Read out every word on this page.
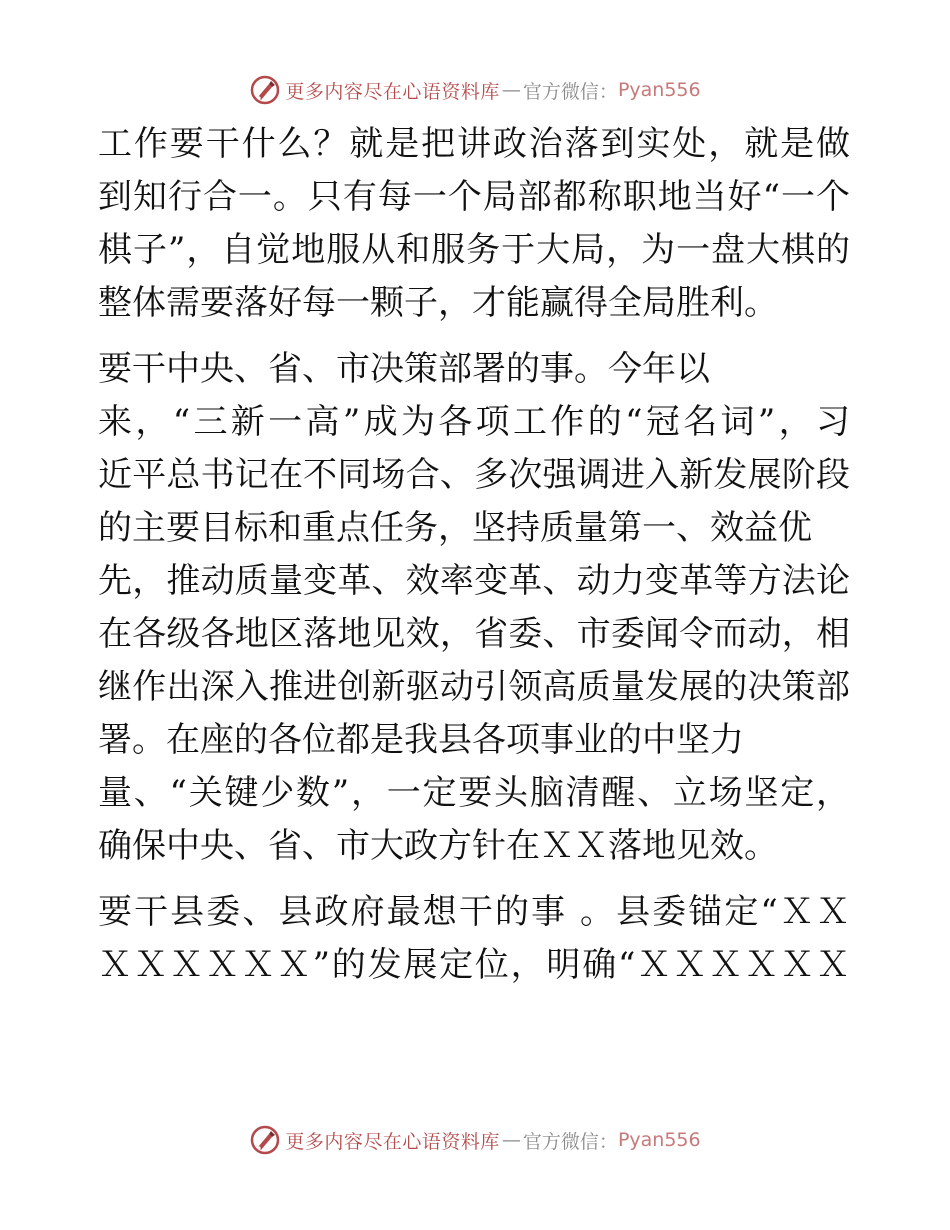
更多内容尽在心语资料库 — 官方微信： Pyan556
工作要干什么？就是把讲政治落到实处，就是做
到知行合一。只有每一个局部都称职地当好“一个
棋子”，自觉地服从和服务于大局，为一盘大棋的
整体需要落好每一颗子，才能赢得全局胜利。
要干中央、省、市决策部署的事。今年以
来，“三新一高”成为各项工作的“冠名词”，习
近平总书记在不同场合、多次强调进入新发展阶段
的主要目标和重点任务，坚持质量第一、效益优
先，推动质量变革、效率变革、动力变革等方法论
在各级各地区落地见效，省委、市委闻令而动，相
继作出深入推进创新驱动引领高质量发展的决策部
署。在座的各位都是我县各项事业的中坚力
量、“关键少数”，一定要头脑清醒、立场坚定，
确保中央、省、市大政方针在ＸＸ落地见效。
要干县委、县政府最想干的事 。县委锚定“ＸＸ
ＸＸＸＸＸＸ”的发展定位，明确“ＸＸＸＸＸＸ
更多内容尽在心语资料库 — 官方微信： Pyan556
